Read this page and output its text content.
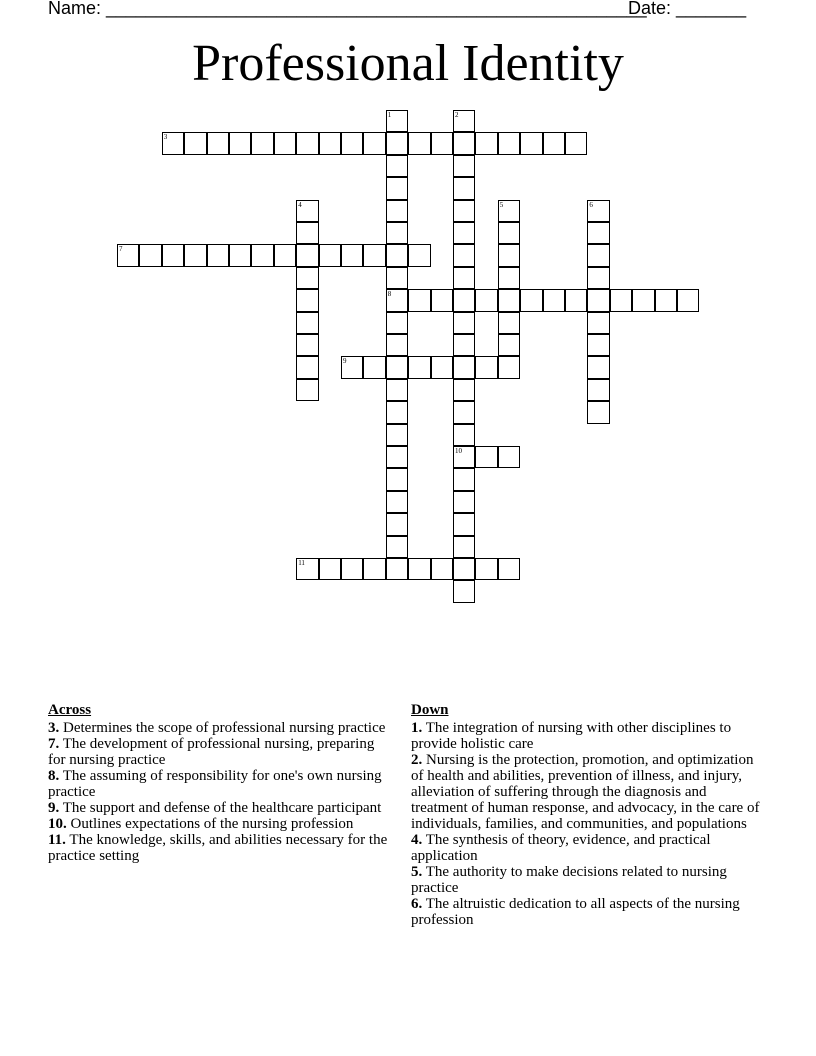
Name: ______________________________________________________
Date: _______
Professional Identity
1
8
2
10
3
4	5	6
7
9
11
Across

3. Determines the scope of professional nursing practice

7. The development of professional nursing, preparing for nursing practice

8. The assuming of responsibility for one's own nursing practice

9. The support and defense of the healthcare participant

10. Outlines expectations of the nursing profession

11. The knowledge, skills, and abilities necessary for the practice setting

Down

1. The integration of nursing with other disciplines to provide holistic care

2. Nursing is the protection, promotion, and optimization of health and abilities, prevention of illness, and injury, alleviation of suffering through the diagnosis and treatment of human response, and advocacy, in the care of individuals, families, and communities, and populations

4. The synthesis of theory, evidence, and practical application

5. The authority to make decisions related to nursing practice

6. The altruistic dedication to all aspects of the nursing profession
